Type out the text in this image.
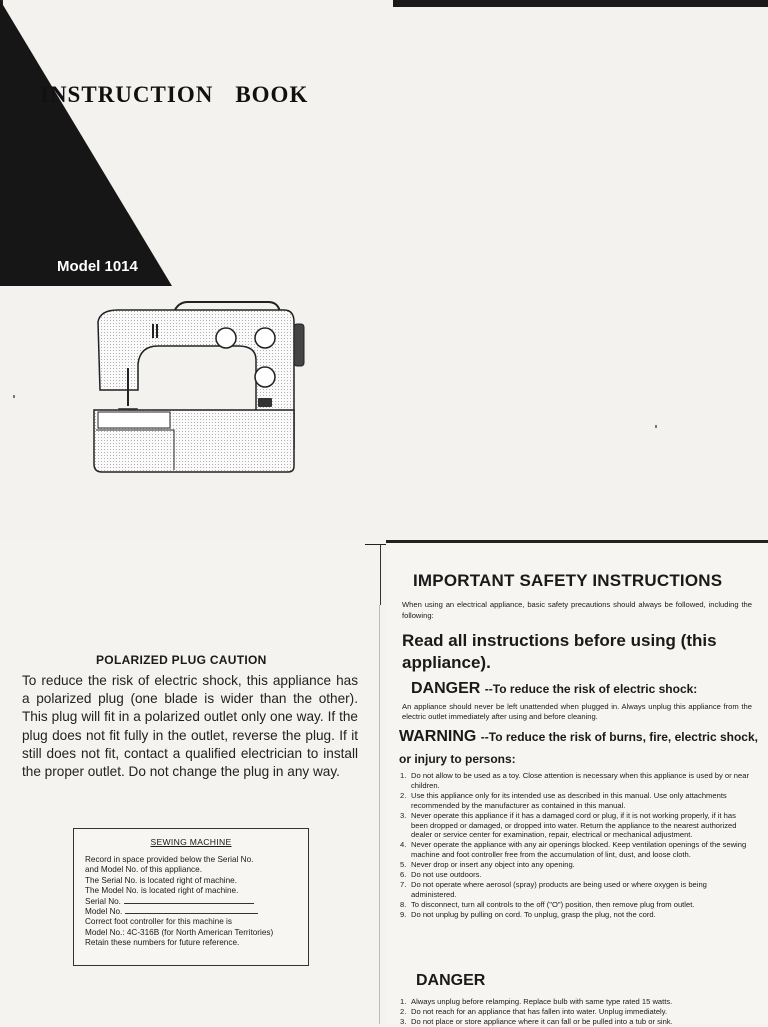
INSTRUCTION BOOK
Model 1014
POLARIZED PLUG CAUTION

To reduce the risk of electric shock, this appliance has a polarized plug (one blade is wider than the other). This plug will fit in a polarized outlet only one way. If the plug does not fit fully in the outlet, reverse the plug. If it still does not fit, contact a qualified electrician to install the proper outlet. Do not change the plug in any way.

SEWING MACHINE
Record in space provided below the Serial No.
and Model No. of this appliance.
The Serial No. is located right of machine.
The Model No. is located right of machine.
Serial No.
Model No.
Correct foot controller for this machine is
Model No.: 4C-316B (for North American Territories)
Retain these numbers for future reference.
IMPORTANT SAFETY INSTRUCTIONS

When using an electrical appliance, basic safety precautions should always be followed, including the following:

Read all instructions before using (this appliance).

DANGER --To reduce the risk of electric shock:

An appliance should never be left unattended when plugged in. Always unplug this appliance from the electric outlet immediately after using and before cleaning.

WARNING --To reduce the risk of burns, fire, electric shock, or injury to persons:

1. Do not allow to be used as a toy. Close attention is necessary when this appliance is used by or near children.
2. Use this appliance only for its intended use as described in this manual. Use only attachments recommended by the manufacturer as contained in this manual.
3. Never operate this appliance if it has a damaged cord or plug, if it is not working properly, if it has been dropped or damaged, or dropped into water. Return the appliance to the nearest authorized dealer or service center for examination, repair, electrical or mechanical adjustment.
4. Never operate the appliance with any air openings blocked. Keep ventilation openings of the sewing machine and foot controller free from the accumulation of lint, dust, and loose cloth.
5. Never drop or insert any object into any opening.
6. Do not use outdoors.
7. Do not operate where aerosol (spray) products are being used or where oxygen is being administered.
8. To disconnect, turn all controls to the off ("O") position, then remove plug from outlet.
9. Do not unplug by pulling on cord. To unplug, grasp the plug, not the cord.
DANGER
1. Always unplug before relamping. Replace bulb with same type rated 15 watts.
2. Do not reach for an appliance that has fallen into water. Unplug immediately.
3. Do not place or store appliance where it can fall or be pulled into a tub or sink.
